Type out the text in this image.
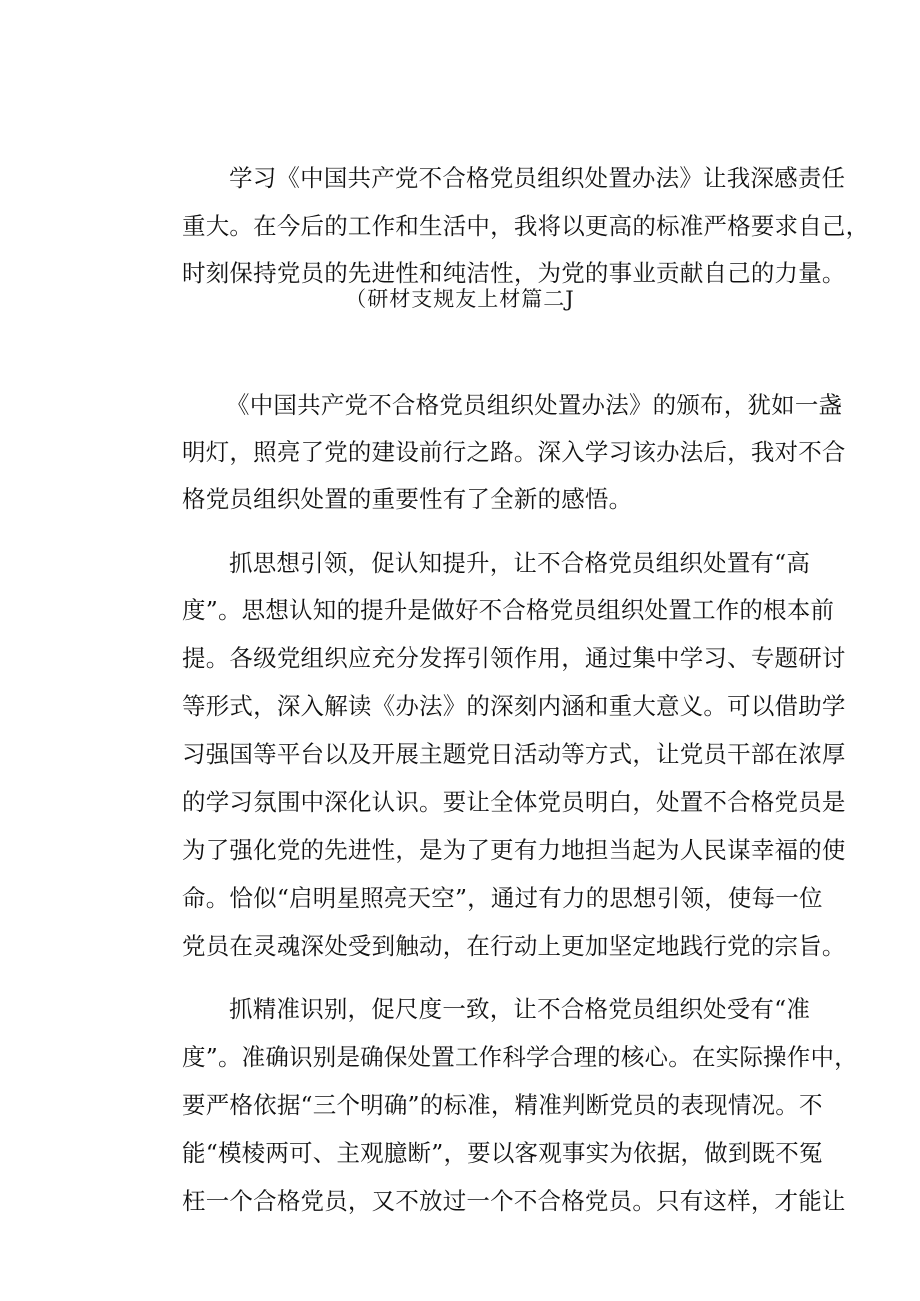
学习《中国共产党不合格党员组织处置办法》让我深感责任

重大。在今后的工作和生活中，我将以更高的标准严格要求自己，

时刻保持党员的先进性和纯洁性，为党的事业贡献自己的力量。

（研材支规友上材篇二J

《中国共产党不合格党员组织处置办法》的颁布，犹如一盏

明灯，照亮了党的建设前行之路。深入学习该办法后，我对不合

格党员组织处置的重要性有了全新的感悟。

抓思想引领，促认知提升，让不合格党员组织处置有“高

度”。思想认知的提升是做好不合格党员组织处置工作的根本前

提。各级党组织应充分发挥引领作用，通过集中学习、专题研讨

等形式，深入解读《办法》的深刻内涵和重大意义。可以借助学

习强国等平台以及开展主题党日活动等方式，让党员干部在浓厚

的学习氛围中深化认识。要让全体党员明白，处置不合格党员是

为了强化党的先进性，是为了更有力地担当起为人民谋幸福的使

命。恰似“启明星照亮天空”，通过有力的思想引领，使每一位

党员在灵魂深处受到触动，在行动上更加坚定地践行党的宗旨。

抓精准识别，促尺度一致，让不合格党员组织处受有“准

度”。准确识别是确保处置工作科学合理的核心。在实际操作中，

要严格依据“三个明确”的标准，精准判断党员的表现情况。不

能“模棱两可、主观臆断”，要以客观事实为依据，做到既不冤

枉一个合格党员，又不放过一个不合格党员。只有这样，才能让
